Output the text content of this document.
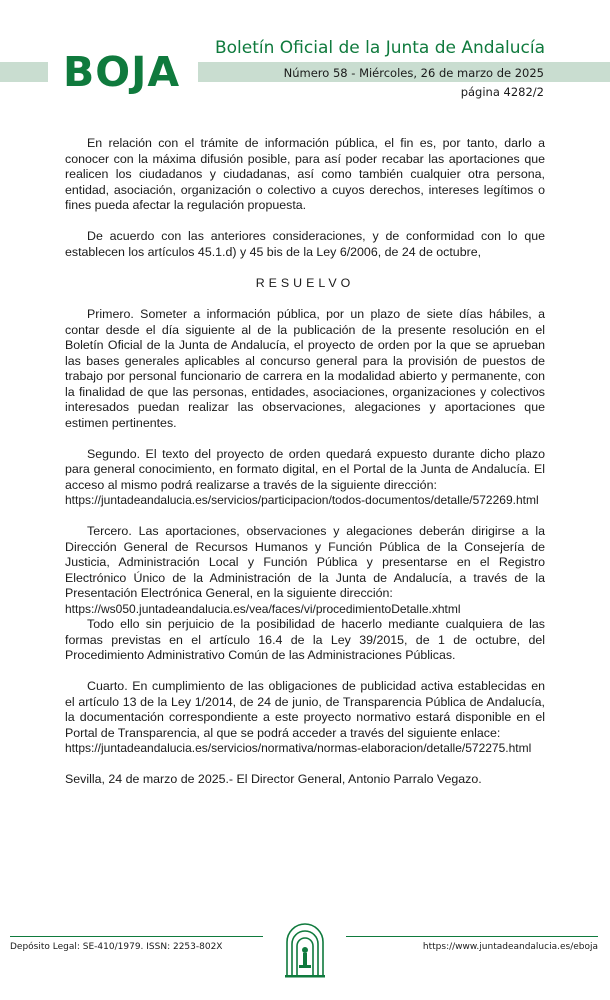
BOJA Boletín Oficial de la Junta de Andalucía
Número 58 - Miércoles, 26 de marzo de 2025
página 4282/2

En relación con el trámite de información pública, el fin es, por tanto, darlo a conocer con la máxima difusión posible, para así poder recabar las aportaciones que realicen los ciudadanos y ciudadanas, así como también cualquier otra persona, entidad, asociación, organización o colectivo a cuyos derechos, intereses legítimos o fines pueda afectar la regulación propuesta.

De acuerdo con las anteriores consideraciones, y de conformidad con lo que establecen los artículos 45.1.d) y 45 bis de la Ley 6/2006, de 24 de octubre,

RESUELVO

Primero. Someter a información pública, por un plazo de siete días hábiles, a contar desde el día siguiente al de la publicación de la presente resolución en el Boletín Oficial de la Junta de Andalucía, el proyecto de orden por la que se aprueban las bases generales aplicables al concurso general para la provisión de puestos de trabajo por personal funcionario de carrera en la modalidad abierto y permanente, con la finalidad de que las personas, entidades, asociaciones, organizaciones y colectivos interesados puedan realizar las observaciones, alegaciones y aportaciones que estimen pertinentes.

Segundo. El texto del proyecto de orden quedará expuesto durante dicho plazo para general conocimiento, en formato digital, en el Portal de la Junta de Andalucía. El acceso al mismo podrá realizarse a través de la siguiente dirección:
https://juntadeandalucia.es/servicios/participacion/todos-documentos/detalle/572269.html

Tercero. Las aportaciones, observaciones y alegaciones deberán dirigirse a la Dirección General de Recursos Humanos y Función Pública de la Consejería de Justicia, Administración Local y Función Pública y presentarse en el Registro Electrónico Único de la Administración de la Junta de Andalucía, a través de la Presentación Electrónica General, en la siguiente dirección:
https://ws050.juntadeandalucia.es/vea/faces/vi/procedimientoDetalle.xhtml

Todo ello sin perjuicio de la posibilidad de hacerlo mediante cualquiera de las formas previstas en el artículo 16.4 de la Ley 39/2015, de 1 de octubre, del Procedimiento Administrativo Común de las Administraciones Públicas.

Cuarto. En cumplimiento de las obligaciones de publicidad activa establecidas en el artículo 13 de la Ley 1/2014, de 24 de junio, de Transparencia Pública de Andalucía, la documentación correspondiente a este proyecto normativo estará disponible en el Portal de Transparencia, al que se podrá acceder a través del siguiente enlace:
https://juntadeandalucia.es/servicios/normativa/normas-elaboracion/detalle/572275.html

Sevilla, 24 de marzo de 2025.- El Director General, Antonio Parralo Vegazo.

Depósito Legal: SE-410/1979. ISSN: 2253-802X	https://www.juntadeandalucia.es/eboja
